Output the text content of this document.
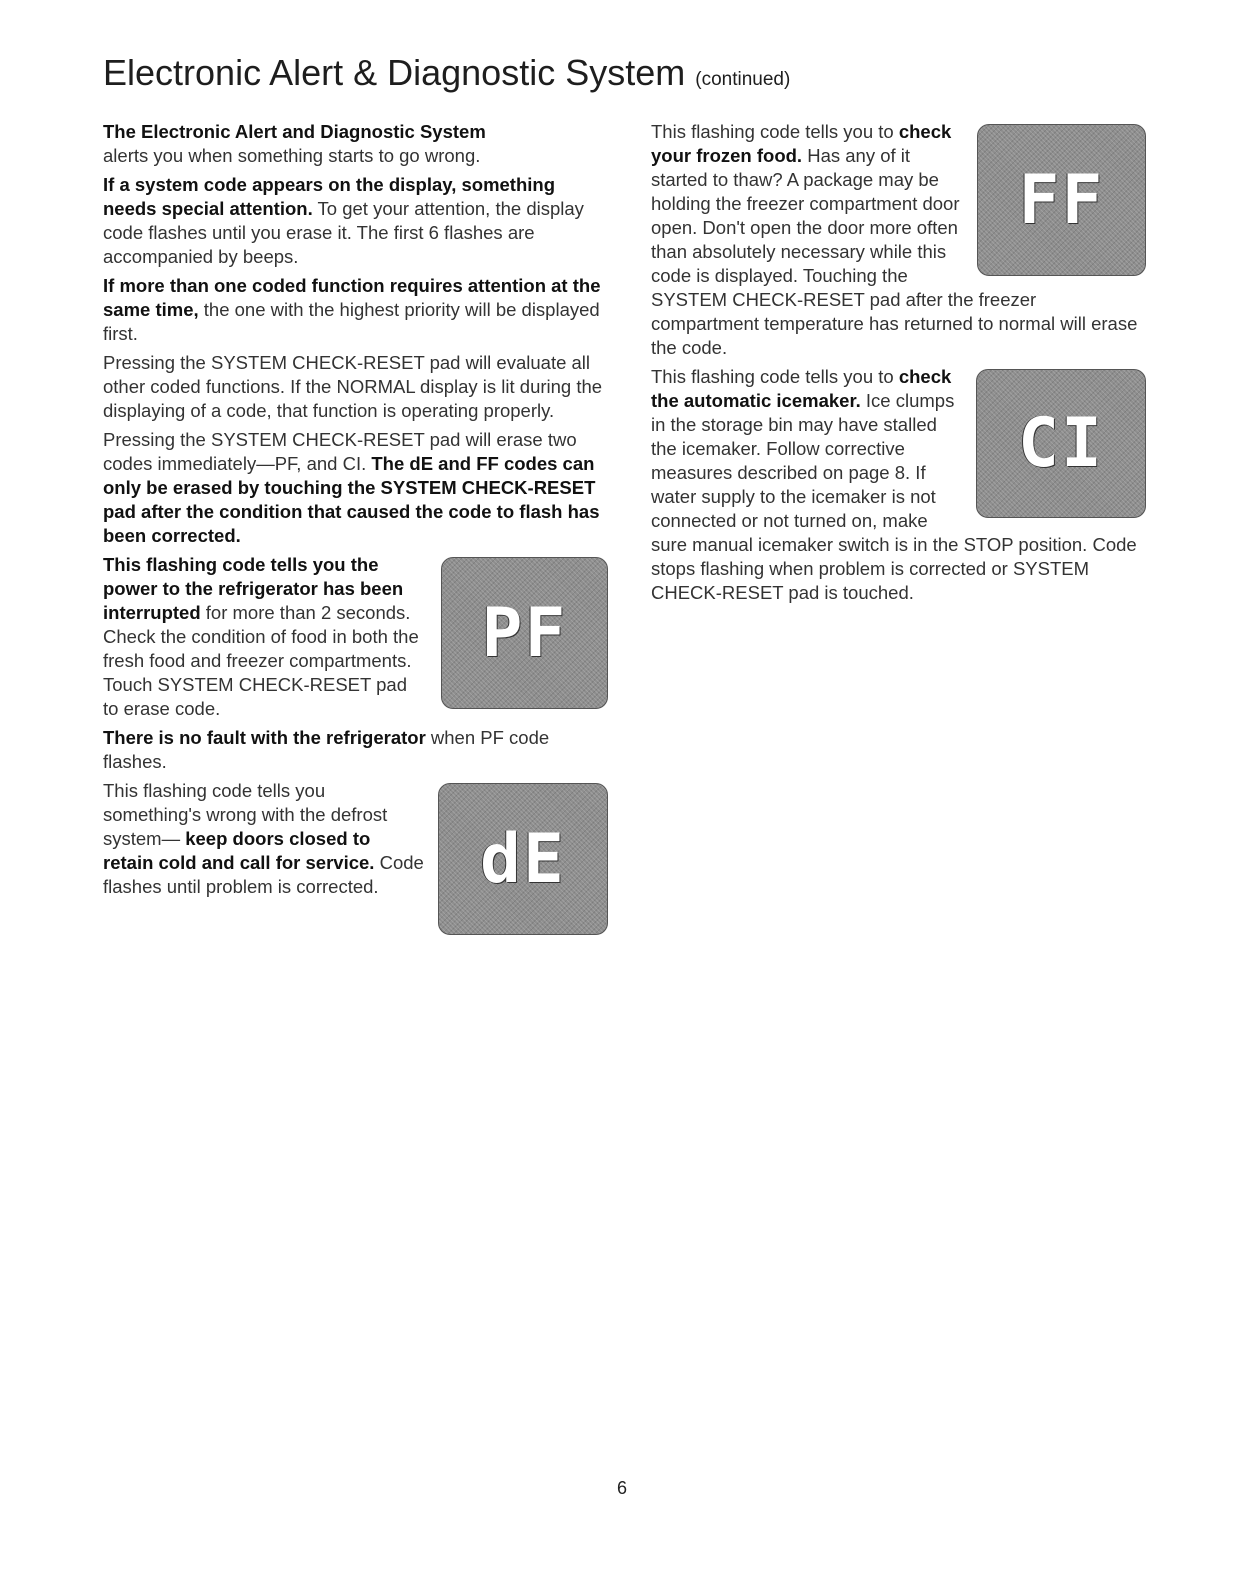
Electronic Alert & Diagnostic System (continued)

The Electronic Alert and Diagnostic System
alerts you when something starts to go wrong.

If a system code appears on the display, something needs special attention. To get your attention, the display code flashes until you erase it. The first 6 flashes are accompanied by beeps.

If more than one coded function requires attention at the same time, the one with the highest priority will be displayed first.

Pressing the SYSTEM CHECK-RESET pad will evaluate all other coded functions. If the NORMAL display is lit during the displaying of a code, that function is operating properly.

Pressing the SYSTEM CHECK-RESET pad will erase two codes immediately—PF, and CI. The dE and FF codes can only be erased by touching the SYSTEM CHECK-RESET pad after the condition that caused the code to flash has been corrected.

PF

This flashing code tells you the power to the refrigerator has been interrupted for more than 2 seconds. Check the condition of food in both the fresh food and freezer compartments. Touch SYSTEM CHECK-RESET pad to erase code.

There is no fault with the refrigerator when PF code flashes.

dE

This flashing code tells you something's wrong with the defrost system— keep doors closed to retain cold and call for service. Code flashes until problem is corrected.

FF

This flashing code tells you to check your frozen food. Has any of it started to thaw? A package may be holding the freezer compartment door open. Don't open the door more often than absolutely necessary while this code is displayed. Touching the SYSTEM CHECK-RESET pad after the freezer compartment temperature has returned to normal will erase the code.

CI

This flashing code tells you to check the automatic icemaker. Ice clumps in the storage bin may have stalled the icemaker. Follow corrective measures described on page 8. If water supply to the icemaker is not connected or not turned on, make sure manual icemaker switch is in the STOP position. Code stops flashing when problem is corrected or SYSTEM CHECK-RESET pad is touched.

6
